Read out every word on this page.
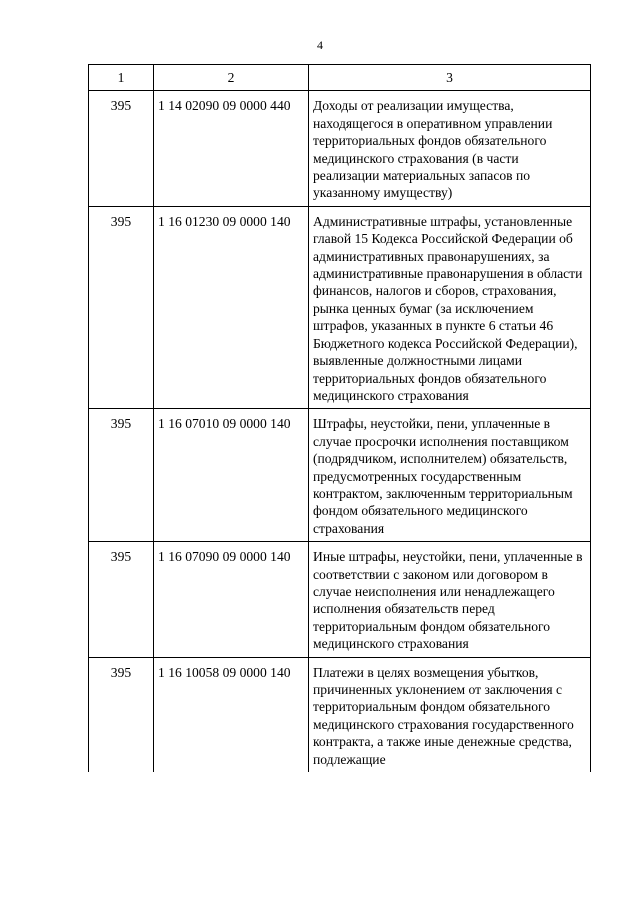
4
1	2	3
395	1 14 02090 09 0000 440	Доходы от реализации имущества, находящегося в оперативном управлении территориальных фондов обязательного медицинского страхования (в части реализации материальных запасов по указанному имуществу)
395	1 16 01230 09 0000 140	Административные штрафы, установленные главой 15 Кодекса Российской Федерации об административных правонарушениях, за административные правонарушения в области финансов, налогов и сборов, страхования, рынка ценных бумаг (за исключением штрафов, указанных в пункте 6 статьи 46 Бюджетного кодекса Российской Федерации), выявленные должностными лицами территориальных фондов обязательного медицинского страхования
395	1 16 07010 09 0000 140	Штрафы, неустойки, пени, уплаченные в случае просрочки исполнения поставщиком (подрядчиком, исполнителем) обязательств, предусмотренных государственным контрактом, заключенным территориальным фондом обязательного медицинского страхования
395	1 16 07090 09 0000 140	Иные штрафы, неустойки, пени, уплаченные в соответствии с законом или договором в случае неисполнения или ненадлежащего исполнения обязательств перед территориальным фондом обязательного медицинского страхования
395	1 16 10058 09 0000 140	Платежи в целях возмещения убытков, причиненных уклонением от заключения с территориальным фондом обязательного медицинского страхования государственного контракта, а также иные денежные средства, подлежащие
